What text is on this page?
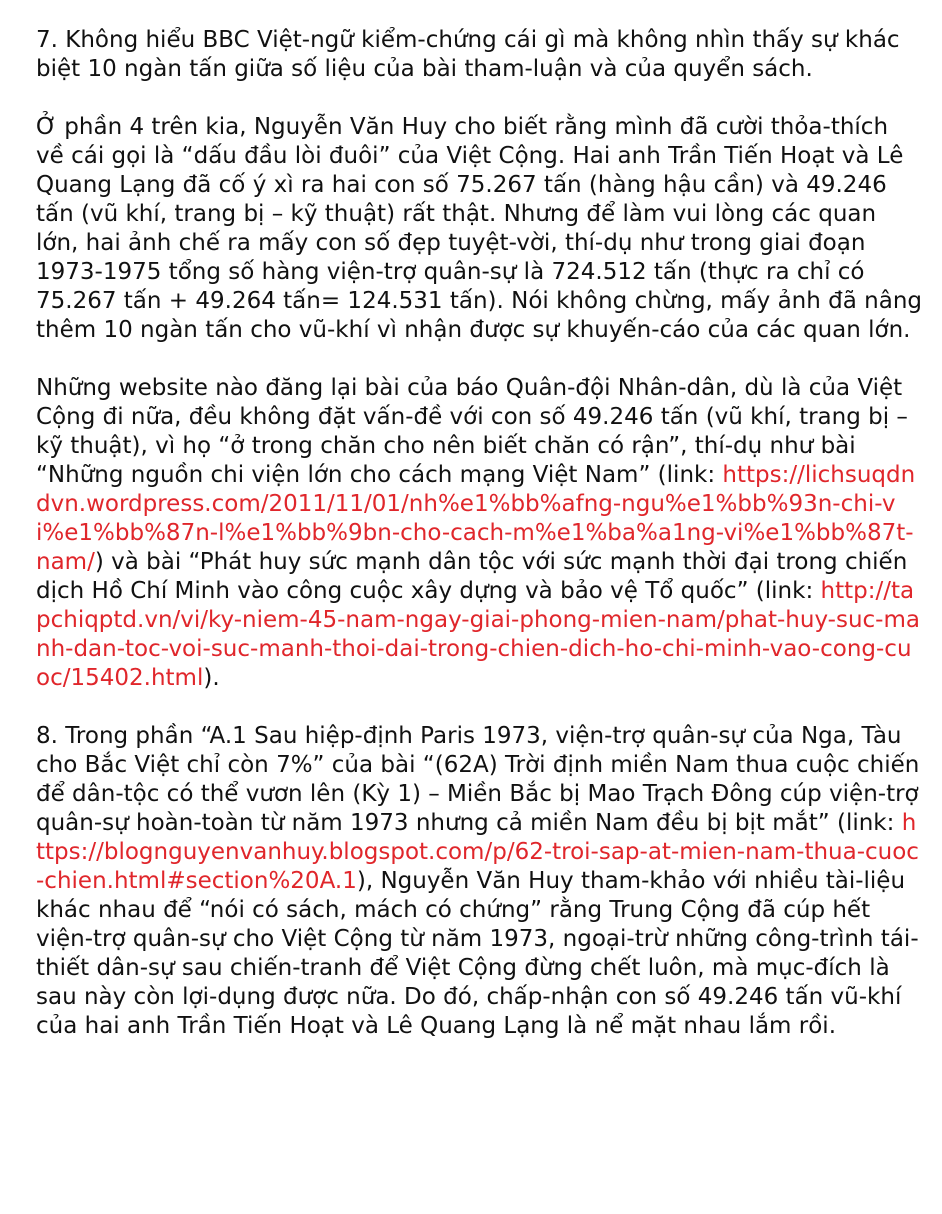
7. Không hiểu BBC Việt-ngữ kiểm-chứng cái gì mà không nhìn thấy sự khác biệt 10 ngàn tấn giữa số liệu của bài tham-luận và của quyển sách.

Ở phần 4 trên kia, Nguyễn Văn Huy cho biết rằng mình đã cười thỏa-thích về cái gọi là “dấu đầu lòi đuôi” của Việt Cộng. Hai anh Trần Tiến Hoạt và Lê Quang Lạng đã cố ý xì ra hai con số 75.267 tấn (hàng hậu cần) và 49.246 tấn (vũ khí, trang bị – kỹ thuật) rất thật. Nhưng để làm vui lòng các quan lớn, hai ảnh chế ra mấy con số đẹp tuyệt-vời, thí-dụ như trong giai đoạn 1973-1975 tổng số hàng viện-trợ quân-sự là 724.512 tấn (thực ra chỉ có 75.267 tấn + 49.264 tấn= 124.531 tấn). Nói không chừng, mấy ảnh đã nâng thêm 10 ngàn tấn cho vũ-khí vì nhận được sự khuyến-cáo của các quan lớn.

Những website nào đăng lại bài của báo Quân-đội Nhân-dân, dù là của Việt Cộng đi nữa, đều không đặt vấn-đề với con số 49.246 tấn (vũ khí, trang bị – kỹ thuật), vì họ “ở trong chăn cho nên biết chăn có rận”, thí-dụ như bài “Những nguồn chi viện lớn cho cách mạng Việt Nam” (link: https://lichsuqdndvn.wordpress.com/2011/11/01/nh%e1%bb%afng-ngu%e1%bb%93n-chi-vi%e1%bb%87n-l%e1%bb%9bn-cho-cach-m%e1%ba%a1ng-vi%e1%bb%87t-nam/) và bài “Phát huy sức mạnh dân tộc với sức mạnh thời đại trong chiến dịch Hồ Chí Minh vào công cuộc xây dựng và bảo vệ Tổ quốc” (link: http://tapchiqptd.vn/vi/ky-niem-45-nam-ngay-giai-phong-mien-nam/phat-huy-suc-manh-dan-toc-voi-suc-manh-thoi-dai-trong-chien-dich-ho-chi-minh-vao-cong-cuoc/15402.html).

8. Trong phần “A.1 Sau hiệp-định Paris 1973, viện-trợ quân-sự của Nga, Tàu cho Bắc Việt chỉ còn 7%” của bài “(62A) Trời định miền Nam thua cuộc chiến để dân-tộc có thể vươn lên (Kỳ 1) – Miền Bắc bị Mao Trạch Đông cúp viện-trợ quân-sự hoàn-toàn từ năm 1973 nhưng cả miền Nam đều bị bịt mắt” (link: https://blognguyenvanhuy.blogspot.com/p/62-troi-sap-at-mien-nam-thua-cuoc-chien.html#section%20A.1), Nguyễn Văn Huy tham-khảo với nhiều tài-liệu khác nhau để “nói có sách, mách có chứng” rằng Trung Cộng đã cúp hết viện-trợ quân-sự cho Việt Cộng từ năm 1973, ngoại-trừ những công-trình tái-thiết dân-sự sau chiến-tranh để Việt Cộng đừng chết luôn, mà mục-đích là sau này còn lợi-dụng được nữa. Do đó, chấp-nhận con số 49.246 tấn vũ-khí của hai anh Trần Tiến Hoạt và Lê Quang Lạng là nể mặt nhau lắm rồi.
